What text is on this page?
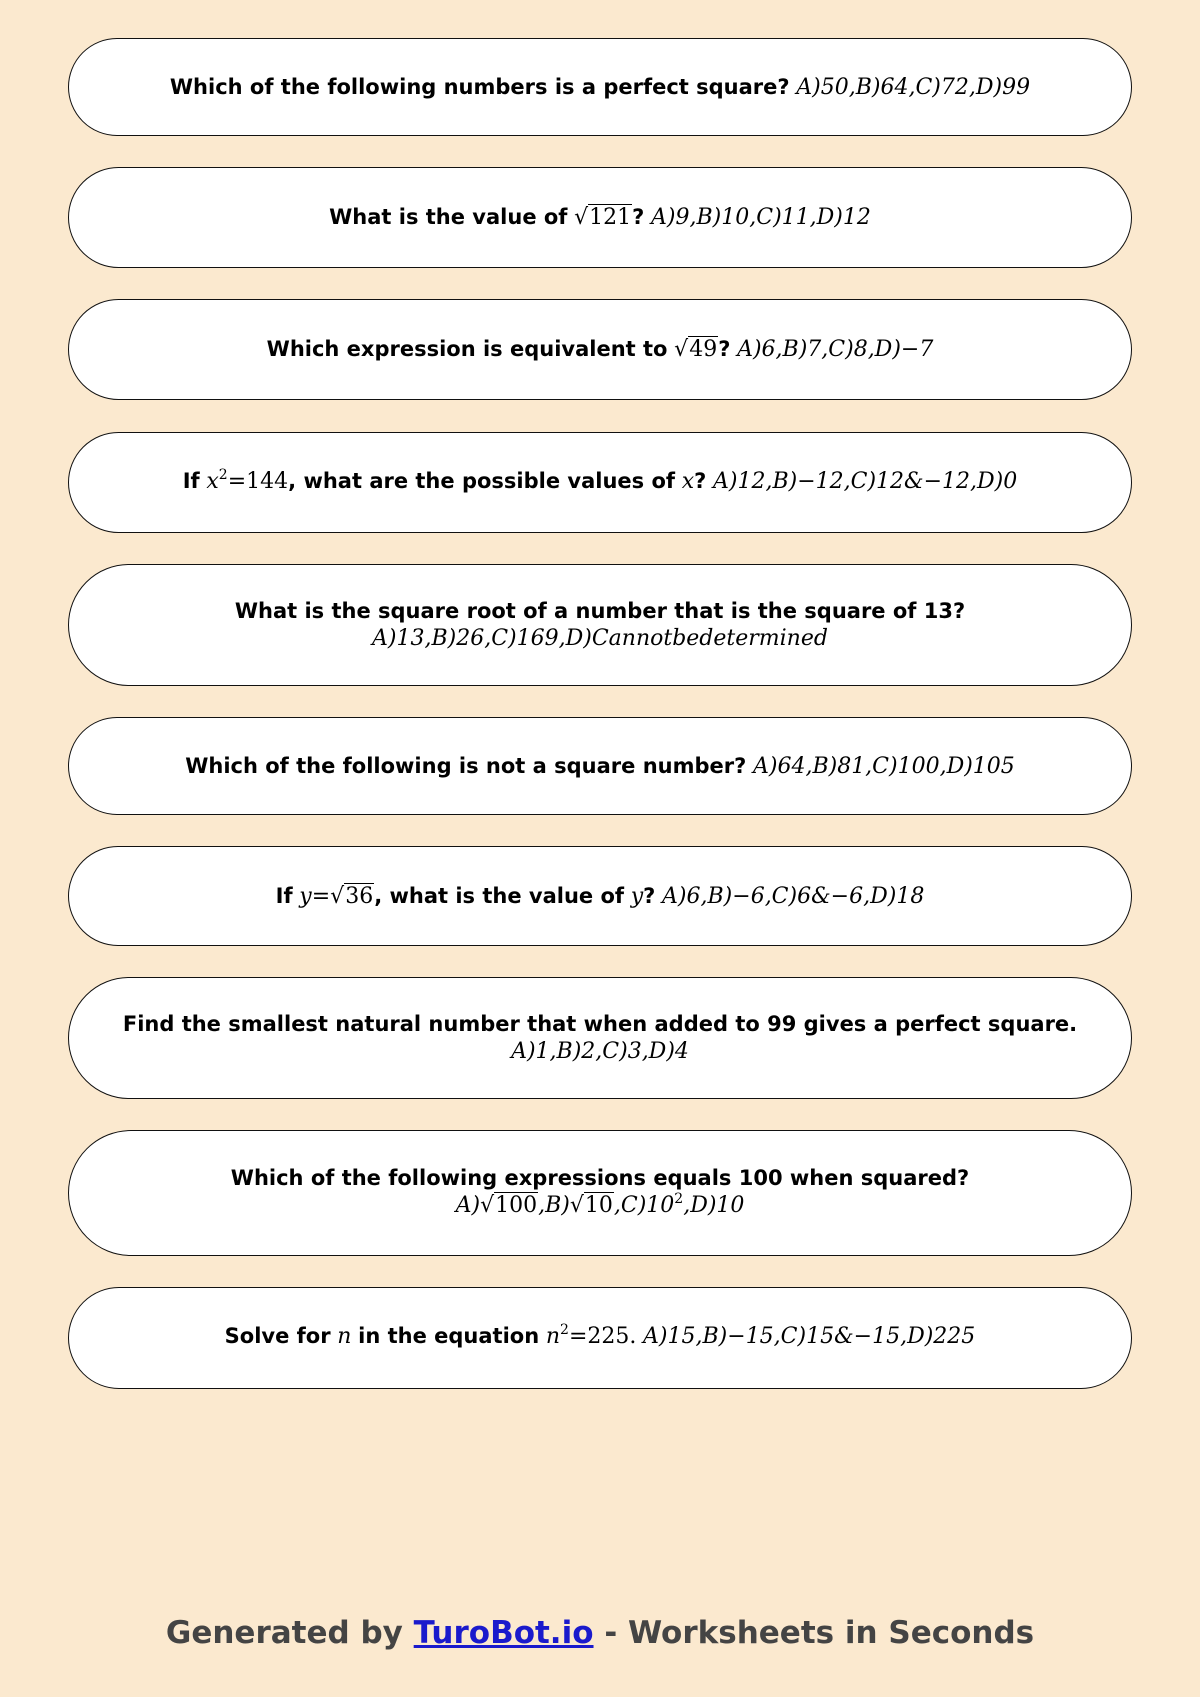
Which of the following numbers is a perfect square? A)50,B)64,C)72,D)99
What is the value of √121? A)9,B)10,C)11,D)12
Which expression is equivalent to √49? A)6,B)7,C)8,D)−7
If $x^2=144$, what are the possible values of x? A)12,B)−12,C)12&−12,D)0
What is the square root of a number that is the square of 13?
A)13,B)26,C)169,D)Cannotbedetermined
Which of the following is not a square number? A)64,B)81,C)100,D)105
If y=√36, what is the value of y? A)6,B)−6,C)6&−6,D)18
Find the smallest natural number that when added to 99 gives a perfect square.
A)1,B)2,C)3,D)4
Which of the following expressions equals 100 when squared?
$A)√100,B)√10,C)10^2,D)10$
Solve for n in the equation $n^2=225$. A)15,B)−15,C)15&−15,D)225
Generated by TuroBot.io - Worksheets in Seconds
